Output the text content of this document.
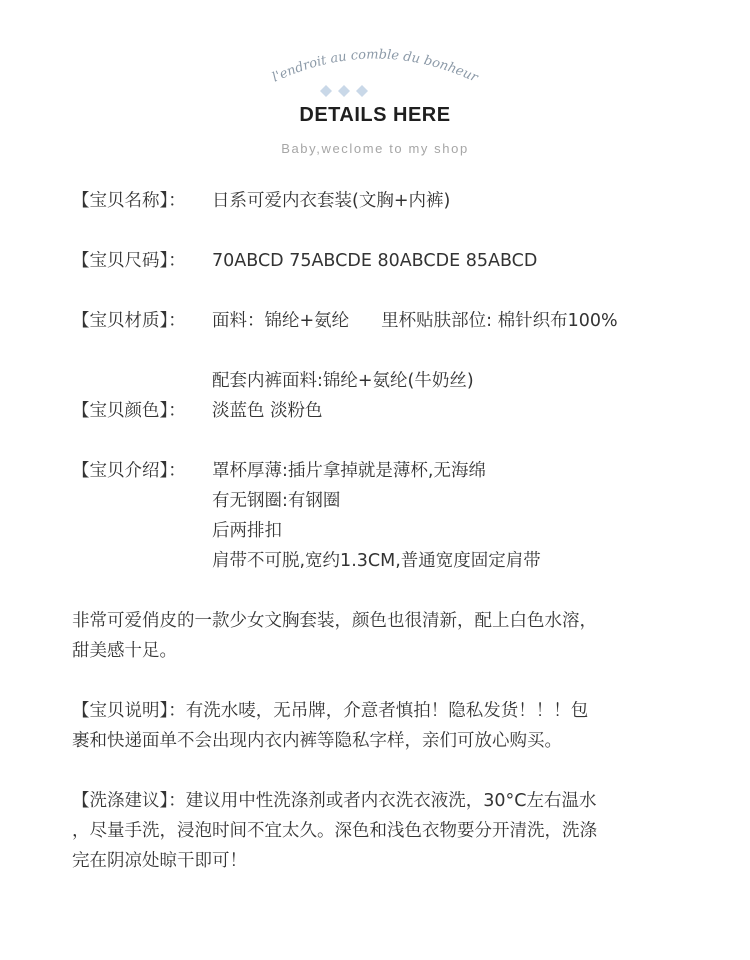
l'endroit au comble du bonheur
DETAILS HERE
Baby,weclome to my shop
【宝贝名称】： 日系可爱内衣套装(文胸+内裤)
【宝贝尺码】： 70ABCD 75ABCDE 80ABCDE 85ABCD
【宝贝材质】： 面料：锦纶+氨纶 里杯贴肤部位: 棉针织布100%
配套内裤面料:锦纶+氨纶(牛奶丝)
【宝贝颜色】： 淡蓝色 淡粉色
【宝贝介绍】： 罩杯厚薄:插片拿掉就是薄杯,无海绵
有无钢圈:有钢圈
后两排扣
肩带不可脱,宽约1.3CM,普通宽度固定肩带
非常可爱俏皮的一款少女文胸套装，颜色也很清新，配上白色水溶，
甜美感十足。
【宝贝说明】：有洗水唛，无吊牌，介意者慎拍！隐私发货！！！包
裹和快递面单不会出现内衣内裤等隐私字样，亲们可放心购买。
【洗涤建议】：建议用中性洗涤剂或者内衣洗衣液洗，30°C左右温水
，尽量手洗，浸泡时间不宜太久。深色和浅色衣物要分开清洗，洗涤
完在阴凉处晾干即可！
